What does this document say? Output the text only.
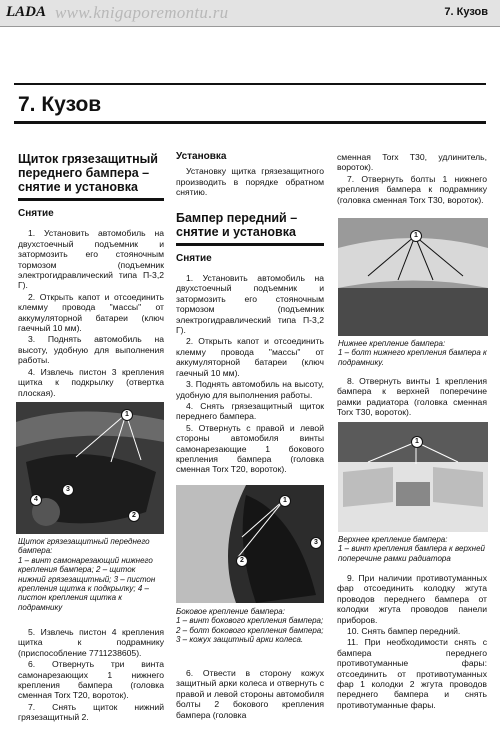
LADA www.knigaporemontu.ru	7. Кузов
7. Кузов

Щиток грязезащитный переднего бампера – снятие и установка

Снятие

1. Установить автомобиль на двухстоечный подъемник и затормозить его стояночным тормозом (подъемник электрогидравлический типа П-3,2 Г).

2. Открыть капот и отсоединить клемму провода "массы" от аккумуляторной батареи (ключ гаечный 10 мм).

3. Поднять автомобиль на высоту, удобную для выполнения работы.

4. Извлечь пистон 3 крепления щитка к подкрылку (отвертка плоская).

1
4
3
2

Щиток грязезащитный переднего бампера:

1 – винт самонарезающий нижнего крепления бампера; 2 – щиток нижний грязезащитный; 3 – пистон крепления щитка к подкрылку; 4 – пистон крепления щитка к подрамнику

5. Извлечь пистон 4 крепления щитка к подрамнику (приспособление 7711238605).

6. Отвернуть три винта самонарезающих 1 нижнего крепления бампера (головка сменная Torx T20, вороток).

7. Снять щиток нижний грязезащитный 2.

Установка

Установку щитка грязезащитного производить в порядке обратном снятию.

Бампер передний – снятие и установка

Снятие

1. Установить автомобиль на двухстоечный подъемник и затормозить его стояночным тормозом (подъемник электрогидравлический типа П-3,2 Г).

2. Открыть капот и отсоединить клемму провода "массы" от аккумуляторной батареи (ключ гаечный 10 мм).

3. Поднять автомобиль на высоту, удобную для выполнения работы.

4. Снять грязезащитный щиток переднего бампера.

5. Отвернуть с правой и левой стороны автомобиля винты самонарезающие 1 бокового крепления бампера (головка сменная Torx T20, вороток).

1
2
3

Боковое крепление бампера:

1 – винт бокового крепления бампера; 2 – болт бокового крепления бампера; 3 – кожух защитный арки колеса.

6. Отвести в сторону кожух защитный арки колеса и отвернуть с правой и левой стороны автомобиля болты 2 бокового крепления бампера (головка

сменная Torx T30, удлинитель, вороток).

7. Отвернуть болты 1 нижнего крепления бампера к подрамнику (головка сменная Torx T30, вороток).

1

Нижнее крепление бампера:

1 – болт нижнего крепления бампера к подрамнику.

8. Отвернуть винты 1 крепления бампера к верхней поперечине рамки радиатора (головка сменная Torx T30, вороток).

1

Верхнее крепление бампера:

1 – винт крепления бампера к верхней поперечине рамки радиатора

9. При наличии противотуманных фар отсоединить колодку жгута проводов переднего бампера от колодки жгута проводов панели приборов.

10. Снять бампер передний.

11. При необходимости снять с бампера переднего противотуманные фары: отсоединить от противотуманных фар 1 колодки 2 жгута проводов переднего бампера и снять противотуманные фары.
